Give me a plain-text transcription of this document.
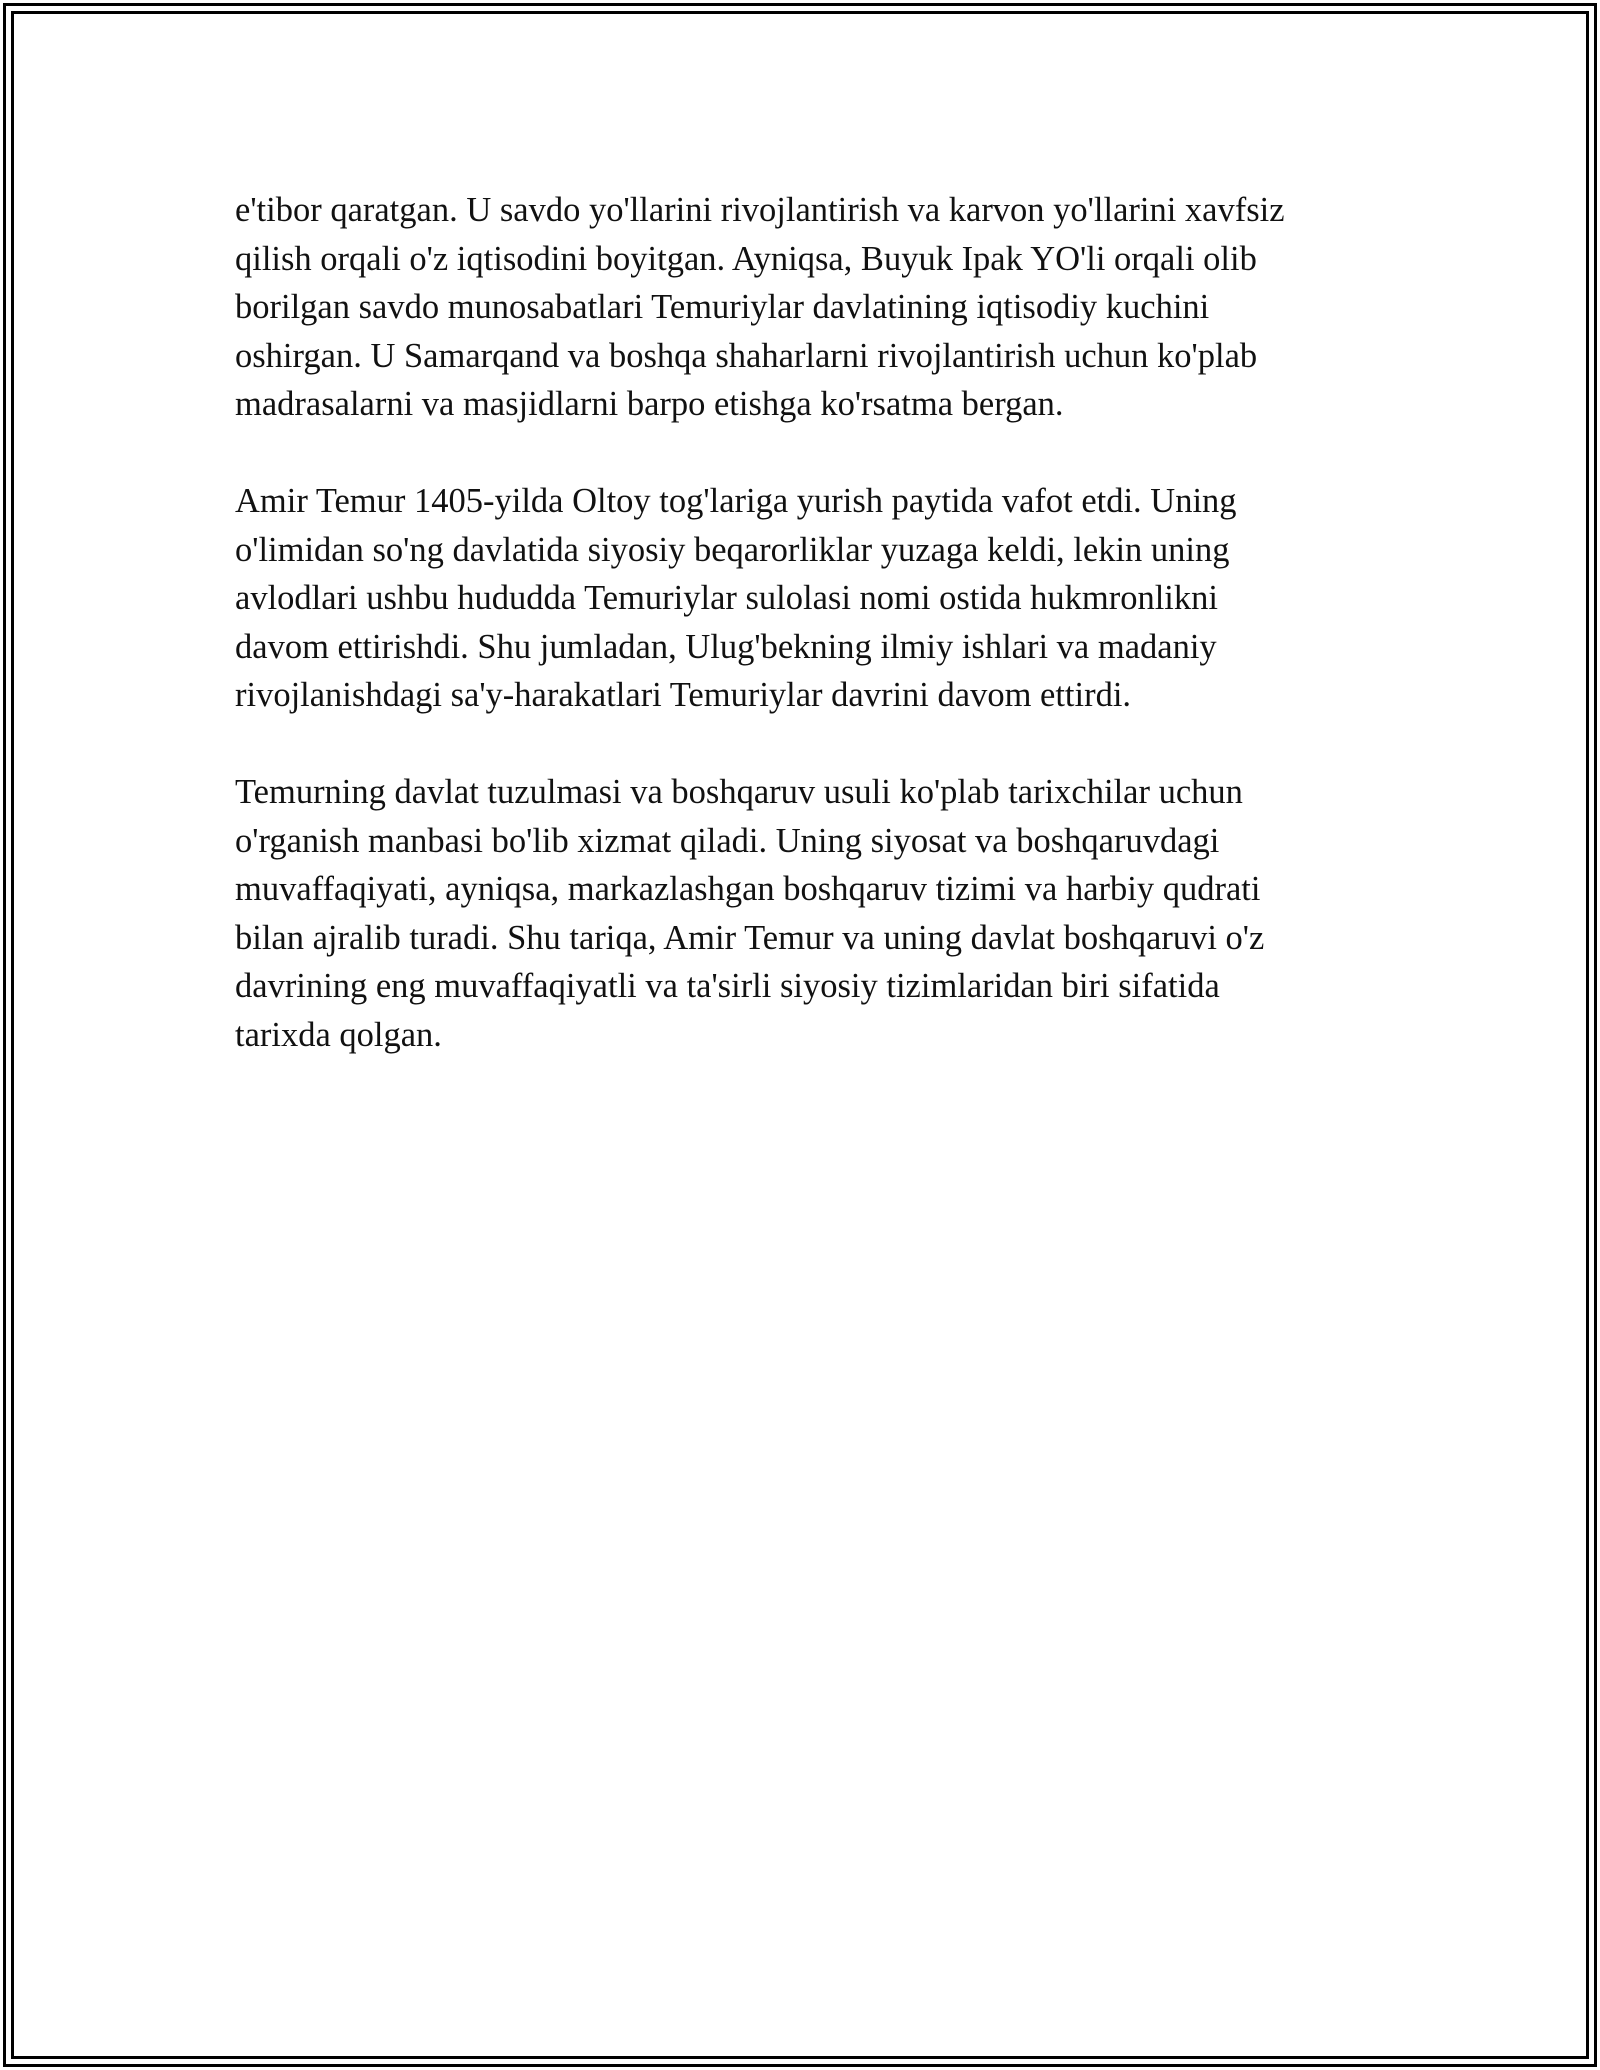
e'tibor qaratgan. U savdo yo'llarini rivojlantirish va karvon yo'llarini xavfsiz
qilish orqali o'z iqtisodini boyitgan. Ayniqsa, Buyuk Ipak YO'li orqali olib
borilgan savdo munosabatlari Temuriylar davlatining iqtisodiy kuchini
oshirgan. U Samarqand va boshqa shaharlarni rivojlantirish uchun ko'plab
madrasalarni va masjidlarni barpo etishga ko'rsatma bergan.

Amir Temur 1405-yilda Oltoy tog'lariga yurish paytida vafot etdi. Uning
o'limidan so'ng davlatida siyosiy beqarorliklar yuzaga keldi, lekin uning
avlodlari ushbu hududda Temuriylar sulolasi nomi ostida hukmronlikni
davom ettirishdi. Shu jumladan, Ulug'bekning ilmiy ishlari va madaniy
rivojlanishdagi sa'y-harakatlari Temuriylar davrini davom ettirdi.

Temurning davlat tuzulmasi va boshqaruv usuli ko'plab tarixchilar uchun
o'rganish manbasi bo'lib xizmat qiladi. Uning siyosat va boshqaruvdagi
muvaffaqiyati, ayniqsa, markazlashgan boshqaruv tizimi va harbiy qudrati
bilan ajralib turadi. Shu tariqa, Amir Temur va uning davlat boshqaruvi o'z
davrining eng muvaffaqiyatli va ta'sirli siyosiy tizimlaridan biri sifatida
tarixda qolgan.
